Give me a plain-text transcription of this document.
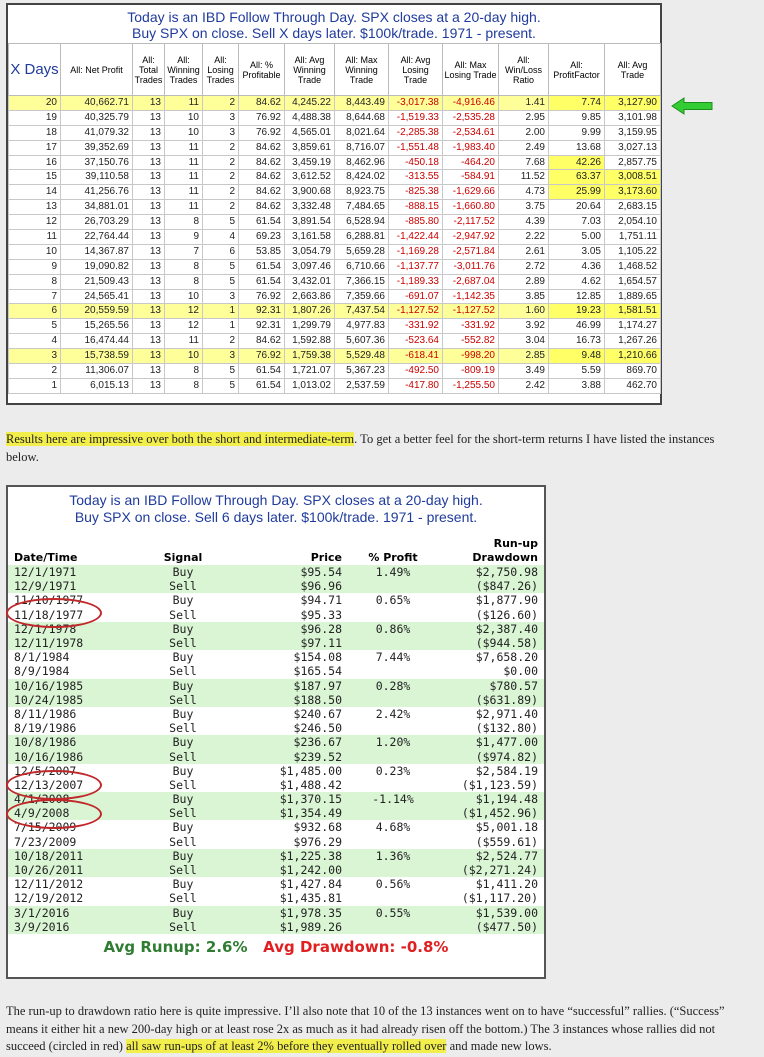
Today is an IBD Follow Through Day. SPX closes at a 20-day high.
Buy SPX on close. Sell X days later. $100k/trade. 1971 - present.
X Days	All: Net Profit	All: Total Trades	All: Winning Trades	All: Losing Trades	All: % Profitable	All: Avg Winning Trade	All: Max Winning Trade	All: Avg Losing Trade	All: Max Losing Trade	All: Win/Loss Ratio	All: ProfitFactor	All: Avg Trade
20	40,662.71	13	11	2	84.62	4,245.22	8,443.49	-3,017.38	-4,916.46	1.41	7.74	3,127.90
19	40,325.79	13	10	3	76.92	4,488.38	8,644.68	-1,519.33	-2,535.28	2.95	9.85	3,101.98
18	41,079.32	13	10	3	76.92	4,565.01	8,021.64	-2,285.38	-2,534.61	2.00	9.99	3,159.95
17	39,352.69	13	11	2	84.62	3,859.61	8,716.07	-1,551.48	-1,983.40	2.49	13.68	3,027.13
16	37,150.76	13	11	2	84.62	3,459.19	8,462.96	-450.18	-464.20	7.68	42.26	2,857.75
15	39,110.58	13	11	2	84.62	3,612.52	8,424.02	-313.55	-584.91	11.52	63.37	3,008.51
14	41,256.76	13	11	2	84.62	3,900.68	8,923.75	-825.38	-1,629.66	4.73	25.99	3,173.60
13	34,881.01	13	11	2	84.62	3,332.48	7,484.65	-888.15	-1,660.80	3.75	20.64	2,683.15
12	26,703.29	13	8	5	61.54	3,891.54	6,528.94	-885.80	-2,117.52	4.39	7.03	2,054.10
11	22,764.44	13	9	4	69.23	3,161.58	6,288.81	-1,422.44	-2,947.92	2.22	5.00	1,751.11
10	14,367.87	13	7	6	53.85	3,054.79	5,659.28	-1,169.28	-2,571.84	2.61	3.05	1,105.22
9	19,090.82	13	8	5	61.54	3,097.46	6,710.66	-1,137.77	-3,011.76	2.72	4.36	1,468.52
8	21,509.43	13	8	5	61.54	3,432.01	7,366.15	-1,189.33	-2,687.04	2.89	4.62	1,654.57
7	24,565.41	13	10	3	76.92	2,663.86	7,359.66	-691.07	-1,142.35	3.85	12.85	1,889.65
6	20,559.59	13	12	1	92.31	1,807.26	7,437.54	-1,127.52	-1,127.52	1.60	19.23	1,581.51
5	15,265.56	13	12	1	92.31	1,299.79	4,977.83	-331.92	-331.92	3.92	46.99	1,174.27
4	16,474.44	13	11	2	84.62	1,592.88	5,607.36	-523.64	-552.82	3.04	16.73	1,267.26
3	15,738.59	13	10	3	76.92	1,759.38	5,529.48	-618.41	-998.20	2.85	9.48	1,210.66
2	11,306.07	13	8	5	61.54	1,721.07	5,367.23	-492.50	-809.19	3.49	5.59	869.70
1	6,015.13	13	8	5	61.54	1,013.02	2,537.59	-417.80	-1,255.50	2.42	3.88	462.70
Results here are impressive over both the short and intermediate-term. To get a better feel for the short-term returns I have listed the instances below.
Today is an IBD Follow Through Day. SPX closes at a 20-day high.
Buy SPX on close. Sell 6 days later. $100k/trade. 1971 - present.
Date/Time	Signal	Price	% Profit	Run-up
Drawdown
12/1/1971	Buy	$95.54	1.49%	$2,750.98
12/9/1971	Sell	$96.96		($847.26)
11/10/1977	Buy	$94.71	0.65%	$1,877.90
11/18/1977	Sell	$95.33		($126.60)
12/1/1978	Buy	$96.28	0.86%	$2,387.40
12/11/1978	Sell	$97.11		($944.58)
8/1/1984	Buy	$154.08	7.44%	$7,658.20
8/9/1984	Sell	$165.54		$0.00
10/16/1985	Buy	$187.97	0.28%	$780.57
10/24/1985	Sell	$188.50		($631.89)
8/11/1986	Buy	$240.67	2.42%	$2,971.40
8/19/1986	Sell	$246.50		($132.80)
10/8/1986	Buy	$236.67	1.20%	$1,477.00
10/16/1986	Sell	$239.52		($974.82)
12/5/2007	Buy	$1,485.00	0.23%	$2,584.19
12/13/2007	Sell	$1,488.42		($1,123.59)
4/1/2008	Buy	$1,370.15	-1.14%	$1,194.48
4/9/2008	Sell	$1,354.49		($1,452.96)
7/15/2009	Buy	$932.68	4.68%	$5,001.18
7/23/2009	Sell	$976.29		($559.61)
10/18/2011	Buy	$1,225.38	1.36%	$2,524.77
10/26/2011	Sell	$1,242.00		($2,271.24)
12/11/2012	Buy	$1,427.84	0.56%	$1,411.20
12/19/2012	Sell	$1,435.81		($1,117.20)
3/1/2016	Buy	$1,978.35	0.55%	$1,539.00
3/9/2016	Sell	$1,989.26		($477.50)
Avg Runup: 2.6% Avg Drawdown: -0.8%
The run-up to drawdown ratio here is quite impressive. I’ll also note that 10 of the 13 instances went on to have “successful” rallies. (“Success” means it either hit a new 200-day high or at least rose 2x as much as it had already risen off the bottom.) The 3 instances whose rallies did not succeed (circled in red) all saw run-ups of at least 2% before they eventually rolled over and made new lows.
